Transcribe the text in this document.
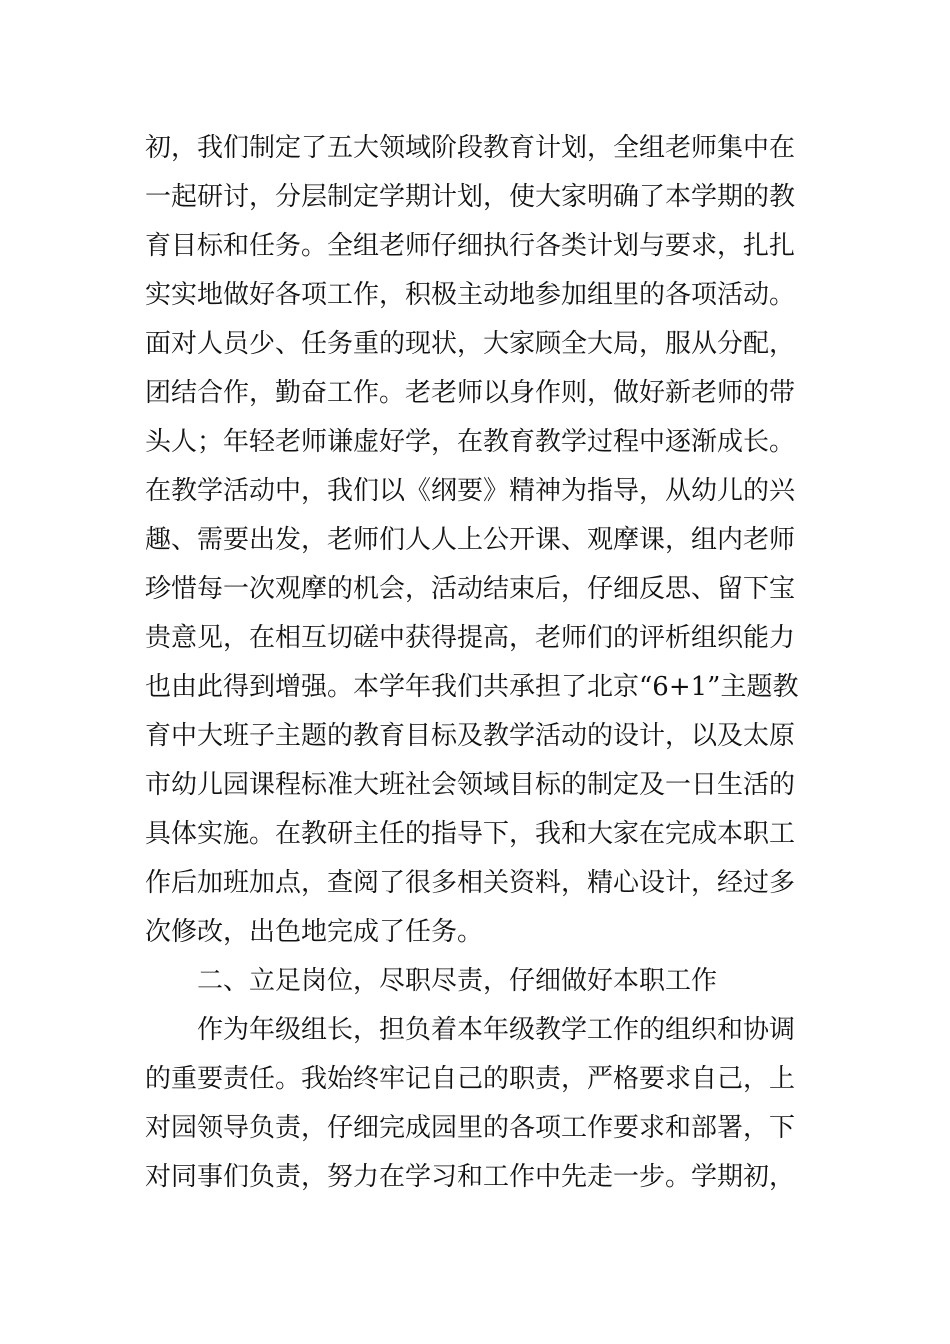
初，我们制定了五大领域阶段教育计划，全组老师集中在
一起研讨，分层制定学期计划，使大家明确了本学期的教
育目标和任务。全组老师仔细执行各类计划与要求，扎扎
实实地做好各项工作，积极主动地参加组里的各项活动。
面对人员少、任务重的现状，大家顾全大局，服从分配，
团结合作，勤奋工作。老老师以身作则，做好新老师的带
头人；年轻老师谦虚好学，在教育教学过程中逐渐成长。
在教学活动中，我们以《纲要》精神为指导，从幼儿的兴
趣、需要出发，老师们人人上公开课、观摩课，组内老师
珍惜每一次观摩的机会，活动结束后，仔细反思、留下宝
贵意见，在相互切磋中获得提高，老师们的评析组织能力
也由此得到增强。本学年我们共承担了北京“6+1”主题教
育中大班子主题的教育目标及教学活动的设计，以及太原
市幼儿园课程标准大班社会领域目标的制定及一日生活的
具体实施。在教研主任的指导下，我和大家在完成本职工
作后加班加点，查阅了很多相关资料，精心设计，经过多
次修改，出色地完成了任务。
二、立足岗位，尽职尽责，仔细做好本职工作
作为年级组长，担负着本年级教学工作的组织和协调
的重要责任。我始终牢记自己的职责，严格要求自己，上
对园领导负责，仔细完成园里的各项工作要求和部署，下
对同事们负责，努力在学习和工作中先走一步。学期初，
